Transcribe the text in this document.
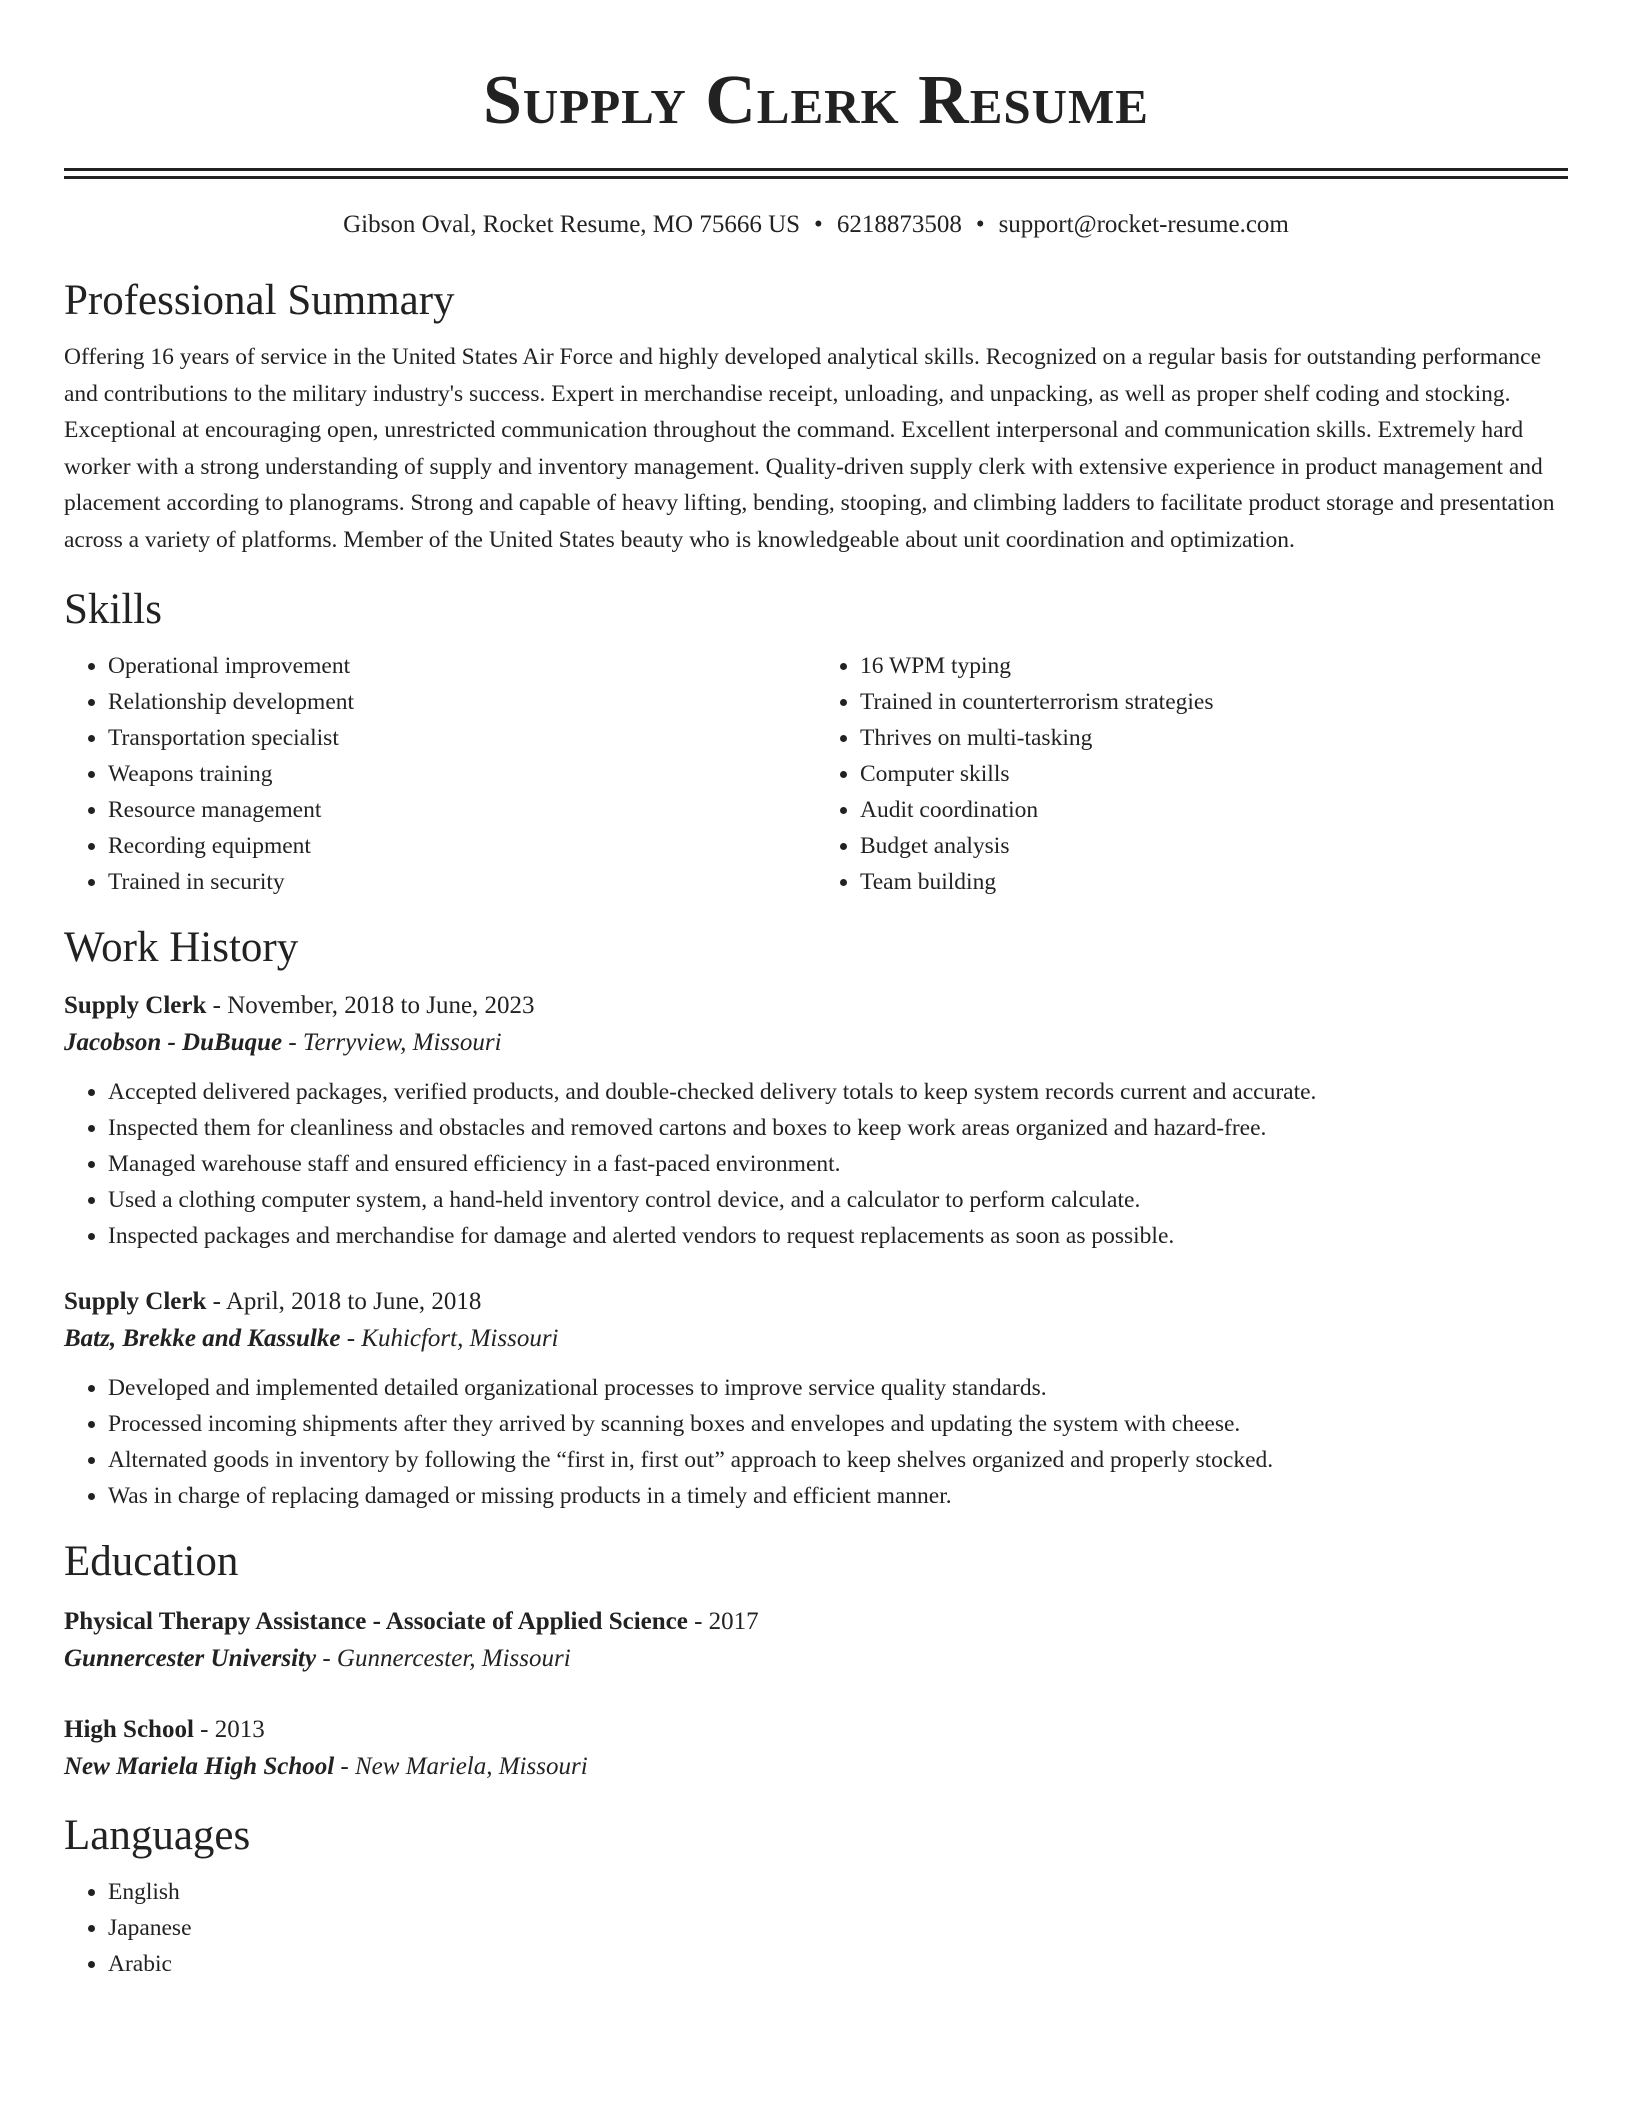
Supply Clerk Resume
Gibson Oval, Rocket Resume, MO 75666 US • 6218873508 • support@rocket-resume.com
Professional Summary

Offering 16 years of service in the United States Air Force and highly developed analytical skills. Recognized on a regular basis for outstanding performance and contributions to the military industry's success. Expert in merchandise receipt, unloading, and unpacking, as well as proper shelf coding and stocking. Exceptional at encouraging open, unrestricted communication throughout the command. Excellent interpersonal and communication skills. Extremely hard worker with a strong understanding of supply and inventory management. Quality-driven supply clerk with extensive experience in product management and placement according to planograms. Strong and capable of heavy lifting, bending, stooping, and climbing ladders to facilitate product storage and presentation across a variety of platforms. Member of the United States beauty who is knowledgeable about unit coordination and optimization.

Skills
• Operational improvement
• Relationship development
• Transportation specialist
• Weapons training
• Resource management
• Recording equipment
• Trained in security
• 16 WPM typing
• Trained in counterterrorism strategies
• Thrives on multi-tasking
• Computer skills
• Audit coordination
• Budget analysis
• Team building
Work History
Supply Clerk - November, 2018 to June, 2023
Jacobson - DuBuque - Terryview, Missouri
• Accepted delivered packages, verified products, and double-checked delivery totals to keep system records current and accurate.
• Inspected them for cleanliness and obstacles and removed cartons and boxes to keep work areas organized and hazard-free.
• Managed warehouse staff and ensured efficiency in a fast-paced environment.
• Used a clothing computer system, a hand-held inventory control device, and a calculator to perform calculate.
• Inspected packages and merchandise for damage and alerted vendors to request replacements as soon as possible.
Supply Clerk - April, 2018 to June, 2018
Batz, Brekke and Kassulke - Kuhicfort, Missouri
• Developed and implemented detailed organizational processes to improve service quality standards.
• Processed incoming shipments after they arrived by scanning boxes and envelopes and updating the system with cheese.
• Alternated goods in inventory by following the “first in, first out” approach to keep shelves organized and properly stocked.
• Was in charge of replacing damaged or missing products in a timely and efficient manner.
Education
Physical Therapy Assistance - Associate of Applied Science - 2017
Gunnercester University - Gunnercester, Missouri
High School - 2013
New Mariela High School - New Mariela, Missouri
Languages
• English
• Japanese
• Arabic
